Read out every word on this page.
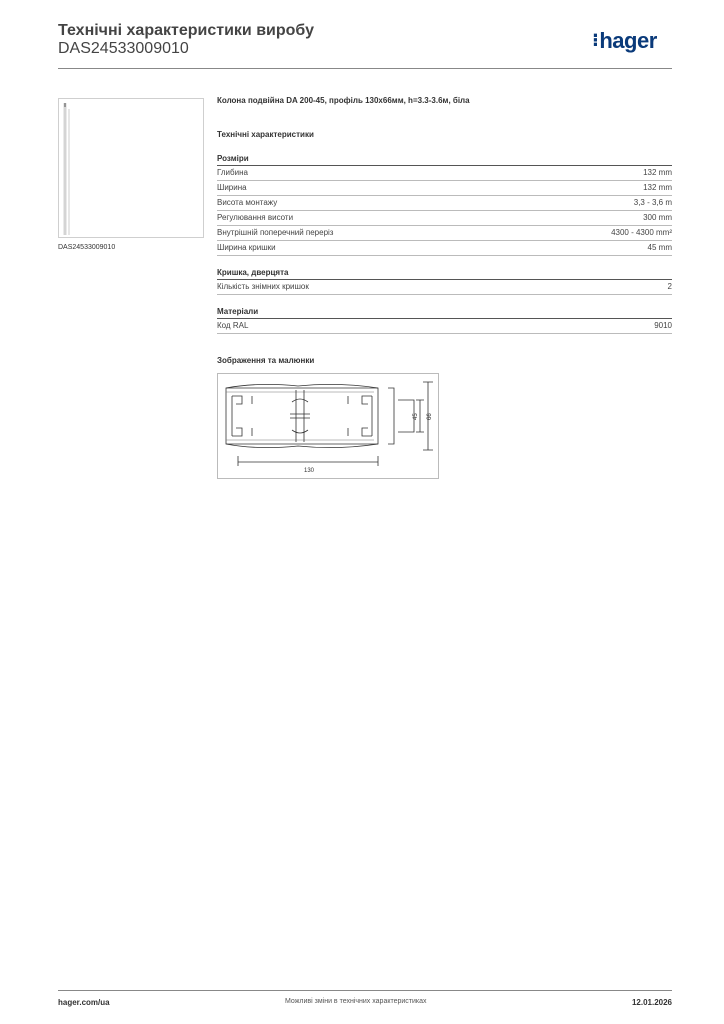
Технічні характеристики виробу
DAS24533009010	⁝hager
DAS24533009010
Колона подвійна DA 200-45, профіль 130х66мм, h=3.3-3.6м, біла
Технічні характеристики
Розміри
Глибина	132 mm
Ширина	132 mm
Висота монтажу	3,3 - 3,6 m
Регулювання висоти	300 mm
Внутрішній поперечний переріз	4300 - 4300 mm²
Ширина кришки	45 mm
Кришка, дверцята
Кількість знімних кришок	2
Матеріали
Код RAL	9010
Зображення та малюнки
130
45 66
hager.com/ua	Можливі зміни в технічних характеристиках	12.01.2026
